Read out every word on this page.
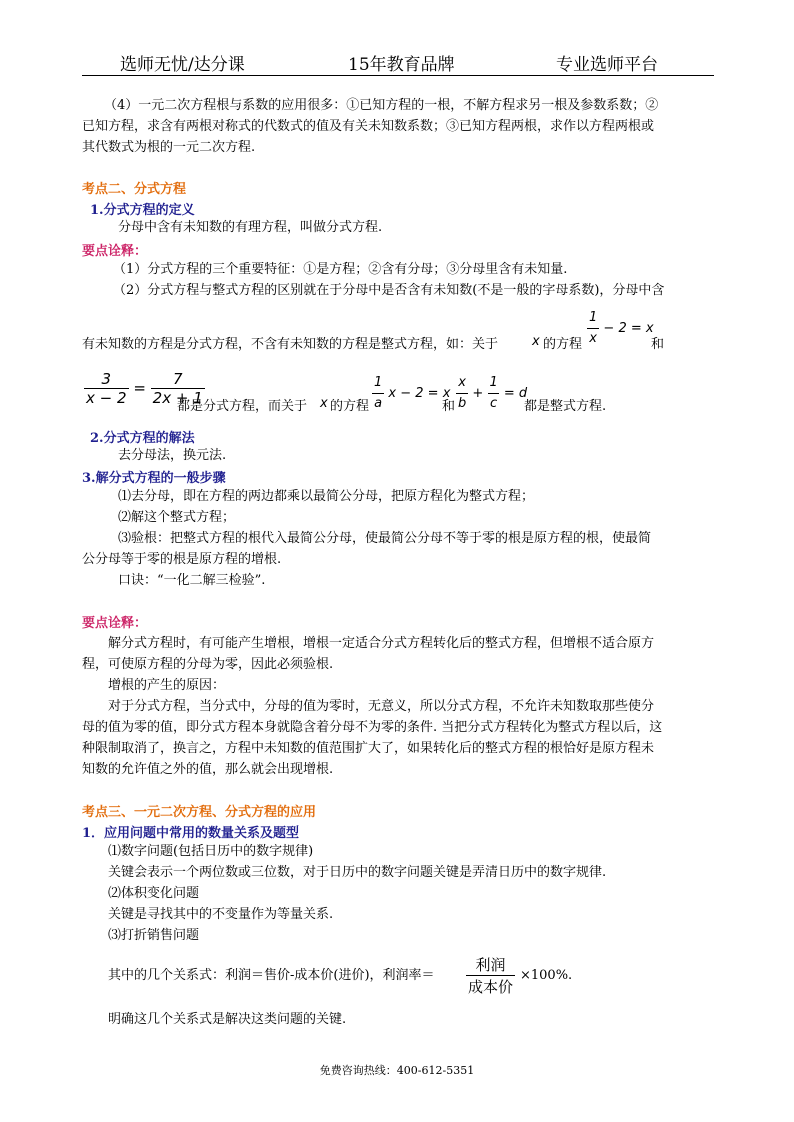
选师无忧/达分课	15年教育品牌	专业选师平台
（4）一元二次方程根与系数的应用很多：①已知方程的一根，不解方程求另一根及参数系数；②
已知方程，求含有两根对称式的代数式的值及有关未知数系数；③已知方程两根，求作以方程两根或
其代数式为根的一元二次方程.
考点二、分式方程
1.分式方程的定义
分母中含有未知数的有理方程，叫做分式方程.
要点诠释：
（1）分式方程的三个重要特征：①是方程；②含有分母；③分母里含有未知量.
（2）分式方程与整式方程的区别就在于分母中是否含有未知数(不是一般的字母系数)，分母中含
有未知数的方程是分式方程，不含有未知数的方程是整式方程，如：关于	x 的方程 $\frac{1}{x} - 2 = x$
和
$\frac{3}{x - 2} = \frac{7}{2x + 1}$
都是分式方程，而关于 x 的方程 $\frac{1}{a}$ x − 2 = x
和 $\frac{x}{b} + \frac{1}{c} = d$
都是整式方程.
2.分式方程的解法
去分母法，换元法.
3.解分式方程的一般步骤
⑴去分母，即在方程的两边都乘以最简公分母，把原方程化为整式方程；
⑵解这个整式方程；
⑶验根：把整式方程的根代入最简公分母，使最简公分母不等于零的根是原方程的根，使最简
公分母等于零的根是原方程的增根.
口诀：“一化二解三检验”.
要点诠释：
解分式方程时，有可能产生增根，增根一定适合分式方程转化后的整式方程，但增根不适合原方
程，可使原方程的分母为零，因此必须验根.
增根的产生的原因：
对于分式方程，当分式中，分母的值为零时，无意义，所以分式方程，不允许未知数取那些使分
母的值为零的值，即分式方程本身就隐含着分母不为零的条件. 当把分式方程转化为整式方程以后，这
种限制取消了，换言之，方程中未知数的值范围扩大了，如果转化后的整式方程的根恰好是原方程未
知数的允许值之外的值，那么就会出现增根.
考点三、一元二次方程、分式方程的应用
1．应用问题中常用的数量关系及题型
⑴数字问题(包括日历中的数字规律)
关键会表示一个两位数或三位数，对于日历中的数字问题关键是弄清日历中的数字规律.
⑵体积变化问题
关键是寻找其中的不变量作为等量关系.
⑶打折销售问题
其中的几个关系式：利润＝售价-成本价(进价)，利润率＝ $\frac{\text{利润}}{\text{成本价}} \times 100\%$.
明确这几个关系式是解决这类问题的关键.
免费咨询热线：400-612-5351
